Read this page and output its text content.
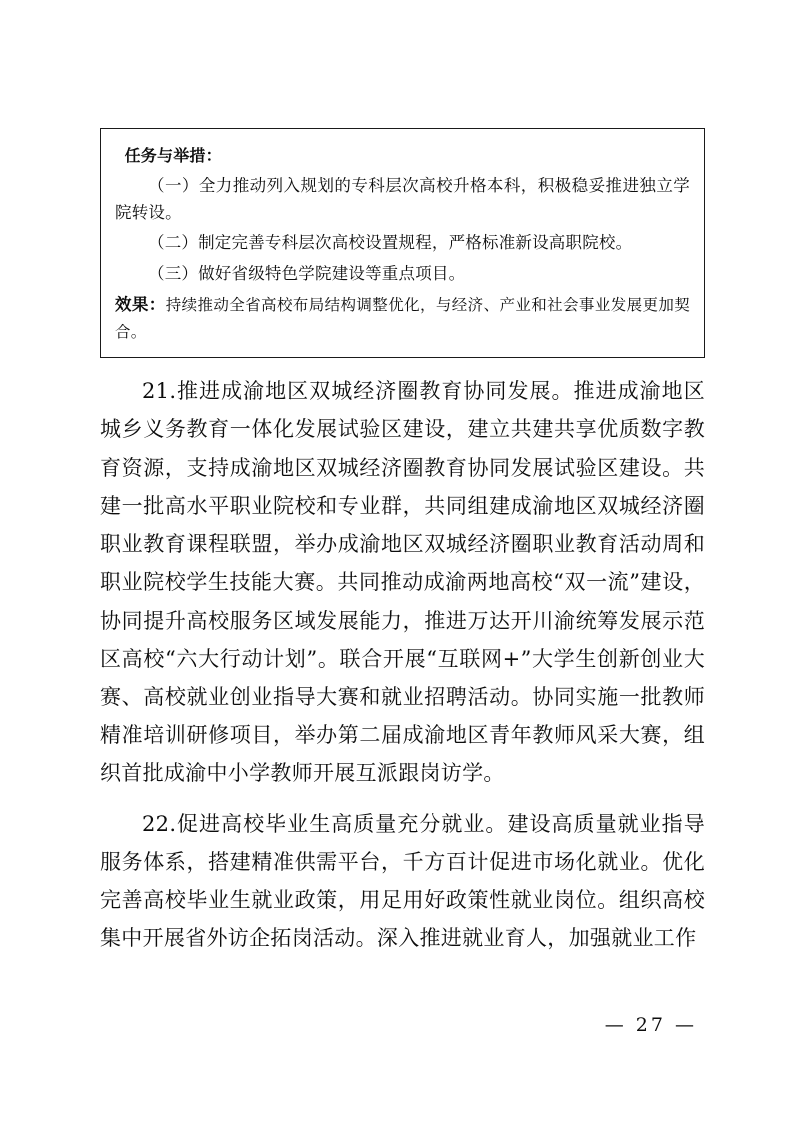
任务与举措：

（一）全力推动列入规划的专科层次高校升格本科，积极稳妥推进独立学院转设。

（二）制定完善专科层次高校设置规程，严格标准新设高职院校。

（三）做好省级特色学院建设等重点项目。

效果：持续推动全省高校布局结构调整优化，与经济、产业和社会事业发展更加契合。

21.推进成渝地区双城经济圈教育协同发展。推进成渝地区城乡义务教育一体化发展试验区建设，建立共建共享优质数字教育资源，支持成渝地区双城经济圈教育协同发展试验区建设。共建一批高水平职业院校和专业群，共同组建成渝地区双城经济圈职业教育课程联盟，举办成渝地区双城经济圈职业教育活动周和职业院校学生技能大赛。共同推动成渝两地高校“双一流”建设，协同提升高校服务区域发展能力，推进万达开川渝统筹发展示范区高校“六大行动计划”。联合开展“互联网+”大学生创新创业大赛、高校就业创业指导大赛和就业招聘活动。协同实施一批教师精准培训研修项目，举办第二届成渝地区青年教师风采大赛，组织首批成渝中小学教师开展互派跟岗访学。

22.促进高校毕业生高质量充分就业。建设高质量就业指导服务体系，搭建精准供需平台，千方百计促进市场化就业。优化完善高校毕业生就业政策，用足用好政策性就业岗位。组织高校集中开展省外访企拓岗活动。深入推进就业育人，加强就业工作

— 27 —
